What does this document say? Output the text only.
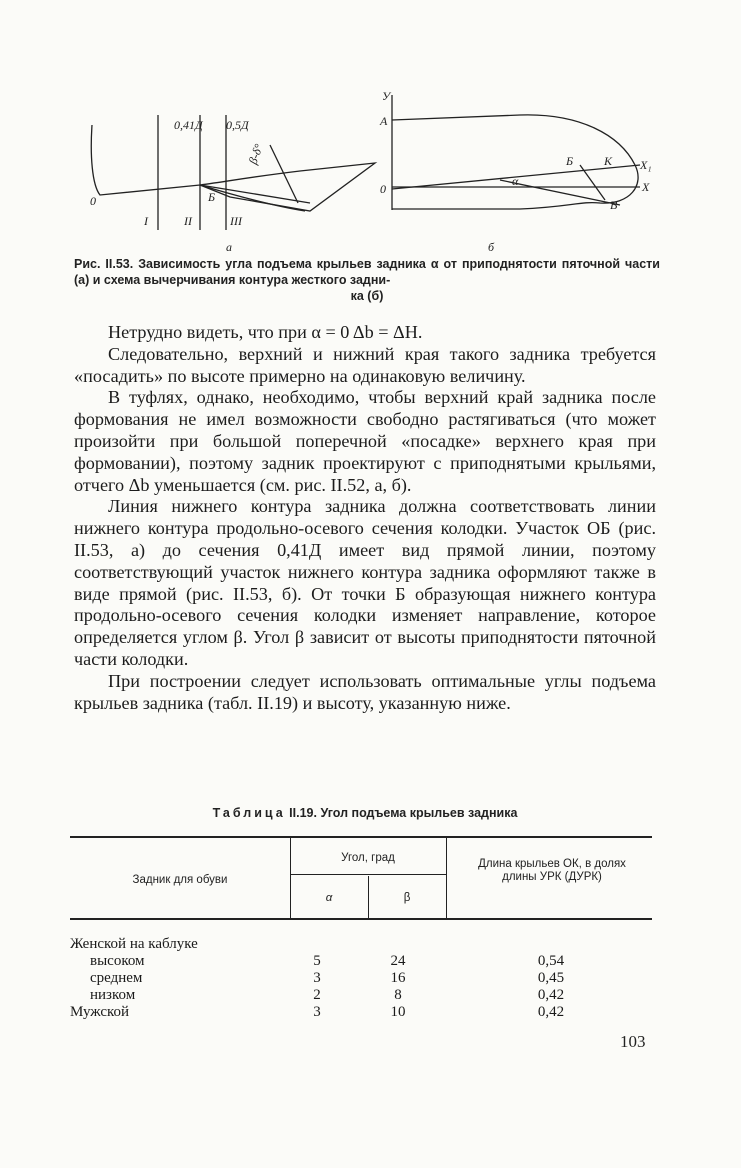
0
I	II	III
Б
0,41Д 0,5Д
β-δ°
а
У
А
0
α
Б	К Х₁
Х
В
б
Рис. II.53. Зависимость угла подъема крыльев задника α от приподнятости пяточной части (а) и схема вычерчивания контура жесткого задни-
ка (б)

Нетрудно видеть, что при α = 0 Δb = ΔH.

Следовательно, верхний и нижний края такого задника требуется «посадить» по высоте примерно на одинаковую величину.

В туфлях, однако, необходимо, чтобы верхний край задника после формования не имел возможности свободно растягиваться (что может произойти при большой поперечной «посадке» верхнего края при формовании), поэтому задник проектируют с приподнятыми крыльями, отчего Δb уменьшается (см. рис. II.52, а, б).

Линия нижнего контура задника должна соответствовать линии нижнего контура продольно-осевого сечения колодки. Участок ОБ (рис. II.53, а) до сечения 0,41Д имеет вид прямой линии, поэтому соответствующий участок нижнего контура задника оформляют также в виде прямой (рис. II.53, б). От точки Б образующая нижнего контура продольно-осевого сечения колодки изменяет направление, которое определяется углом β. Угол β зависит от высоты приподнятости пяточной части колодки.

При построении следует использовать оптимальные углы подъема крыльев задника (табл. II.19) и высоту, указанную ниже.

Таблица II.19. Угол подъема крыльев задника
Задник для обуви
Угол, град
α	β
Длина крыльев ОК, в долях длины УРК (ДУРК)
Женской на каблуке
высоком	5	24	0,54
среднем	3	16	0,45
низком	2	8	0,42
Мужской	3	10	0,42
103
